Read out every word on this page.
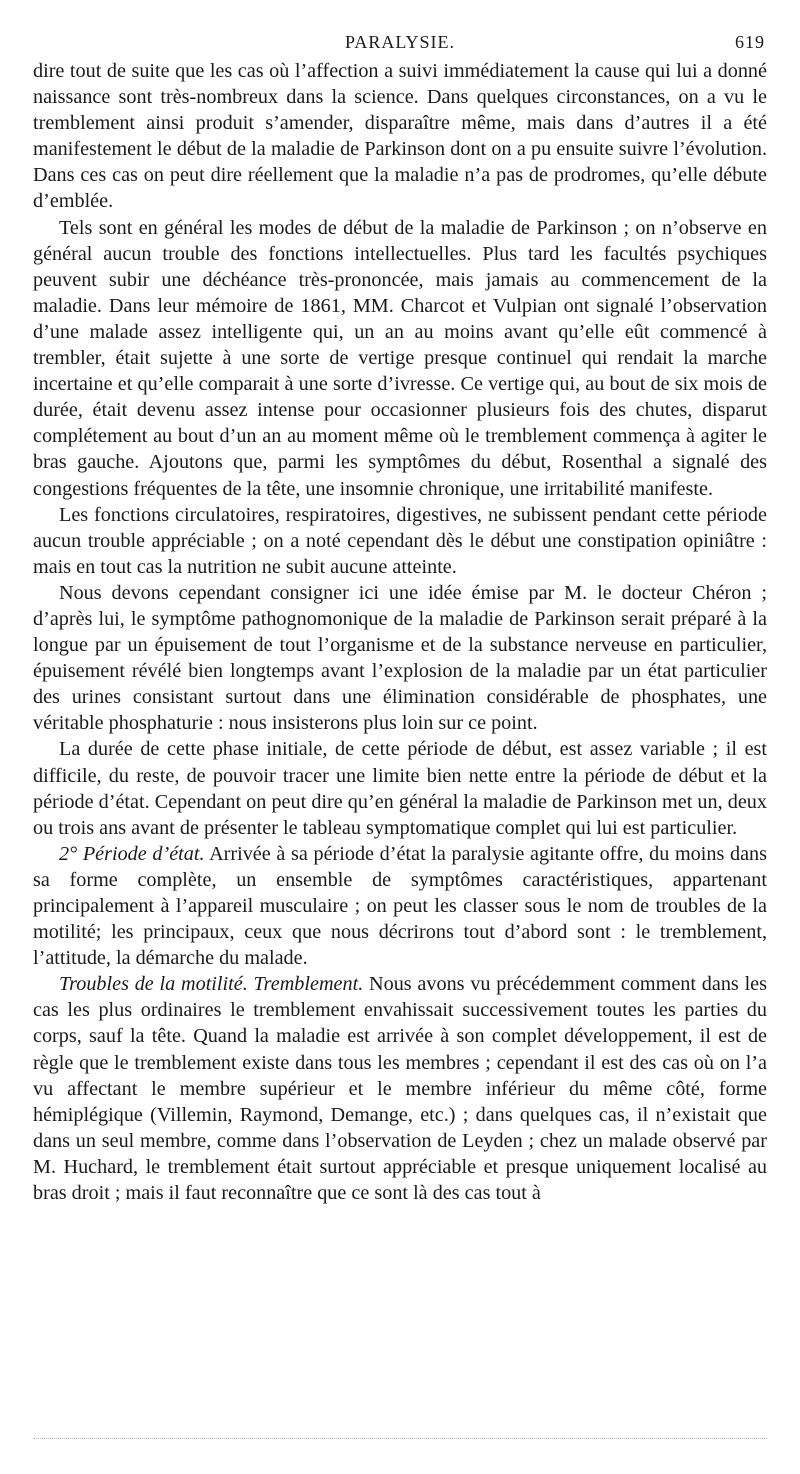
PARALYSIE.	619

dire tout de suite que les cas où l’affection a suivi immédiatement la cause qui lui a donné naissance sont très-nombreux dans la science. Dans quelques circonstances, on a vu le tremblement ainsi produit s’amender, disparaître même, mais dans d’autres il a été manifestement le début de la maladie de Parkinson dont on a pu ensuite suivre l’évolution. Dans ces cas on peut dire réellement que la maladie n’a pas de prodromes, qu’elle débute d’emblée.

Tels sont en général les modes de début de la maladie de Parkinson ; on n’observe en général aucun trouble des fonctions intellectuelles. Plus tard les facultés psychiques peuvent subir une déchéance très-prononcée, mais jamais au commencement de la maladie. Dans leur mémoire de 1861, MM. Charcot et Vulpian ont signalé l’observation d’une malade assez intelligente qui, un an au moins avant qu’elle eût commencé à trembler, était sujette à une sorte de vertige presque continuel qui rendait la marche incertaine et qu’elle comparait à une sorte d’ivresse. Ce vertige qui, au bout de six mois de durée, était devenu assez intense pour occasionner plusieurs fois des chutes, disparut complétement au bout d’un an au moment même où le tremblement commença à agiter le bras gauche. Ajoutons que, parmi les symptômes du début, Rosenthal a signalé des congestions fréquentes de la tête, une insomnie chronique, une irritabilité manifeste.

Les fonctions circulatoires, respiratoires, digestives, ne subissent pendant cette période aucun trouble appréciable ; on a noté cependant dès le début une constipation opiniâtre : mais en tout cas la nutrition ne subit aucune atteinte.

Nous devons cependant consigner ici une idée émise par M. le docteur Chéron ; d’après lui, le symptôme pathognomonique de la maladie de Parkinson serait préparé à la longue par un épuisement de tout l’organisme et de la substance nerveuse en particulier, épuisement révélé bien longtemps avant l’explosion de la maladie par un état particulier des urines consistant surtout dans une élimination considérable de phosphates, une véritable phosphaturie : nous insisterons plus loin sur ce point.

La durée de cette phase initiale, de cette période de début, est assez variable ; il est difficile, du reste, de pouvoir tracer une limite bien nette entre la période de début et la période d’état. Cependant on peut dire qu’en général la maladie de Parkinson met un, deux ou trois ans avant de présenter le tableau symptomatique complet qui lui est particulier.

2° Période d’état. Arrivée à sa période d’état la paralysie agitante offre, du moins dans sa forme complète, un ensemble de symptômes caractéristiques, appartenant principalement à l’appareil musculaire ; on peut les classer sous le nom de troubles de la motilité; les principaux, ceux que nous décrirons tout d’abord sont : le tremblement, l’attitude, la démarche du malade.

Troubles de la motilité. Tremblement. Nous avons vu précédemment comment dans les cas les plus ordinaires le tremblement envahissait successivement toutes les parties du corps, sauf la tête. Quand la maladie est arrivée à son complet développement, il est de règle que le tremblement existe dans tous les membres ; cependant il est des cas où on l’a vu affectant le membre supérieur et le membre inférieur du même côté, forme hémiplégique (Villemin, Raymond, Demange, etc.) ; dans quelques cas, il n’existait que dans un seul membre, comme dans l’observation de Leyden ; chez un malade observé par M. Huchard, le tremblement était surtout appréciable et presque uniquement localisé au bras droit ; mais il faut reconnaître que ce sont là des cas tout à
